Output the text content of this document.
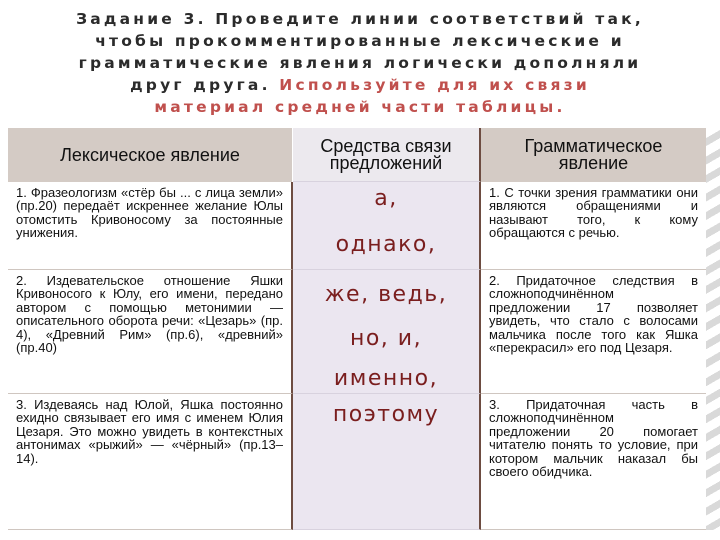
Задание 3. Проведите линии соответствий так,
чтобы прокомментированные лексические и
грамматические явления логически дополняли
друг друга. Используйте для их связи
материал средней части таблицы.
Лексическое явление	Средства связи предложений
Грамматическое явление

1. Фразеологизм «стёр бы ... с лица земли» (пр.20) передаёт искреннее желание Юлы отомстить Кривоносому за постоянные унижения.

а,

однако,

1. С точки зрения грамматики они являются обращениями и называют того, к кому обращаются с речью.

2. Издевательское отношение Яшки Кривоносого к Юлу, его имени, передано автором с помощью метонимии — описательного оборота речи: «Цезарь» (пр. 4), «Древний Рим» (пр.6), «древний» (пр.40)

же, ведь,

но, и,

именно,

2. Придаточное следствия в сложноподчинённом предложении 17 позволяет увидеть, что стало с волосами мальчика после того как Яшка «перекрасил» его под Цезаря.

3. Издеваясь над Юлой, Яшка постоянно ехидно связывает его имя с именем Юлия Цезаря. Это можно увидеть в контекстных антонимах «рыжий» — «чёрный» (пр.13–14).

поэтому	3. Придаточная часть в сложноподчинённом предложении 20 помогает читателю понять то условие, при котором мальчик наказал бы своего обидчика.
